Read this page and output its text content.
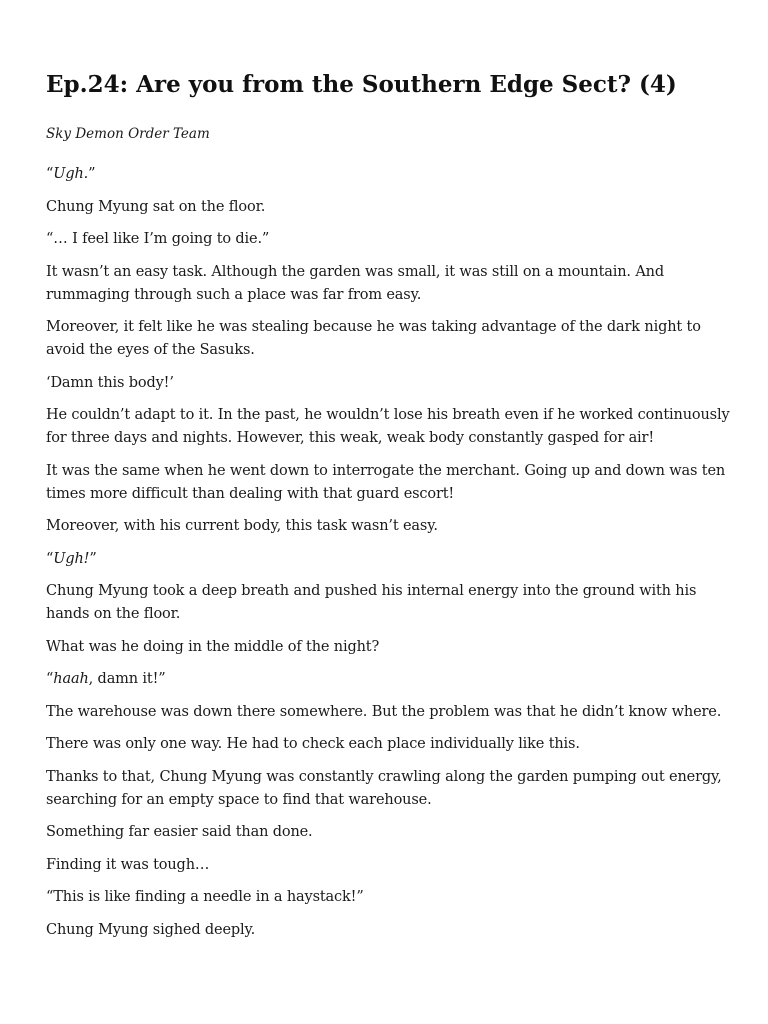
Ep.24: Are you from the Southern Edge Sect? (4)
Sky Demon Order Team

“Ugh.”

Chung Myung sat on the floor.

“… I feel like I’m going to die.”

It wasn’t an easy task. Although the garden was small, it was still on a mountain. And rummaging through such a place was far from easy.

Moreover, it felt like he was stealing because he was taking advantage of the dark night to avoid the eyes of the Sasuks.

‘Damn this body!’

He couldn’t adapt to it. In the past, he wouldn’t lose his breath even if he worked continuously for three days and nights. However, this weak, weak body constantly gasped for air!

It was the same when he went down to interrogate the merchant. Going up and down was ten times more difficult than dealing with that guard escort!

Moreover, with his current body, this task wasn’t easy.

“Ugh!”

Chung Myung took a deep breath and pushed his internal energy into the ground with his hands on the floor.

What was he doing in the middle of the night?

“haah, damn it!”

The warehouse was down there somewhere. But the problem was that he didn’t know where.

There was only one way. He had to check each place individually like this.

Thanks to that, Chung Myung was constantly crawling along the garden pumping out energy, searching for an empty space to find that warehouse.

Something far easier said than done.

Finding it was tough…

“This is like finding a needle in a haystack!”

Chung Myung sighed deeply.
